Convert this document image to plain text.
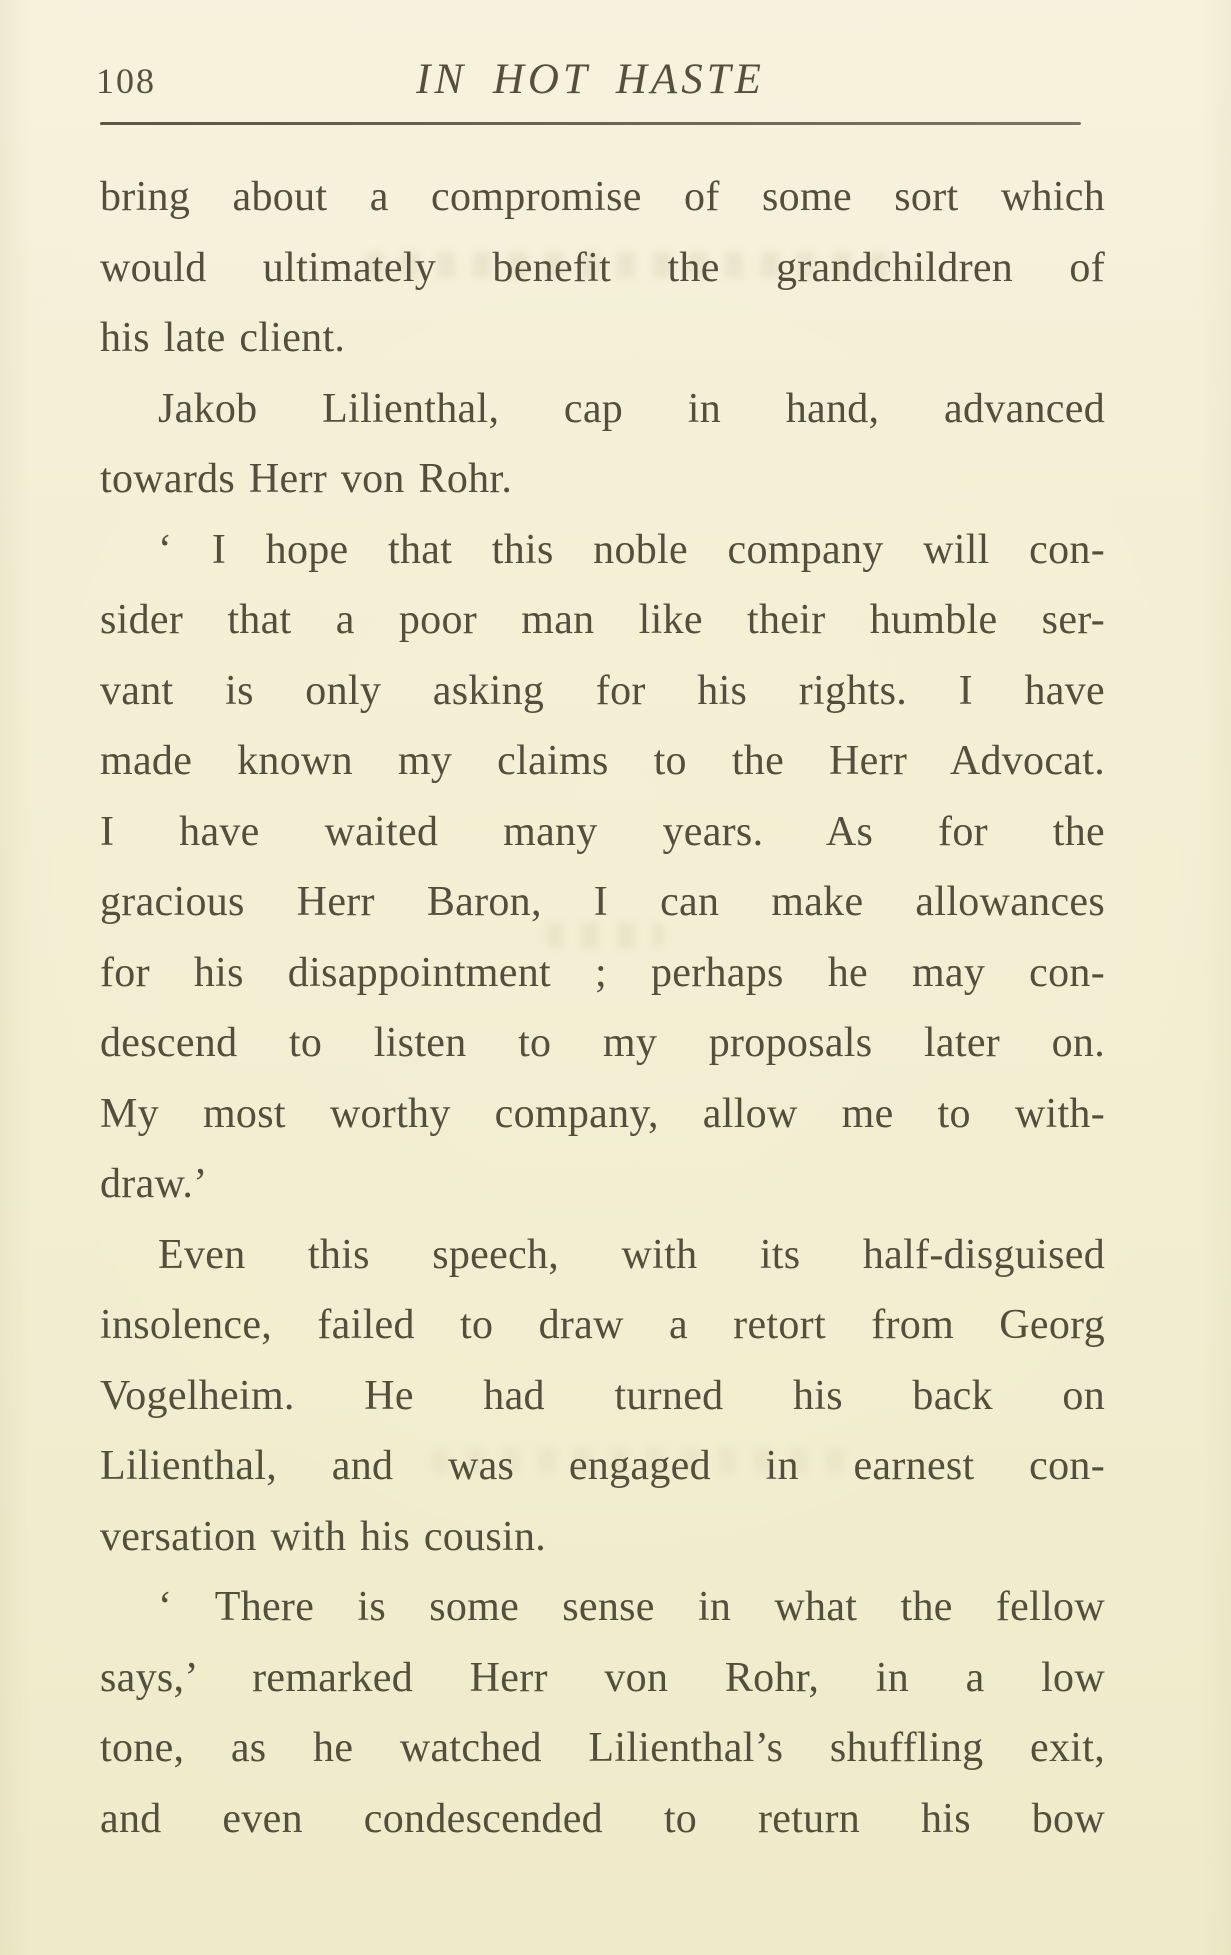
108	IN HOT HASTE
bring about a compromise of some sort which
would ultimately benefit the grandchildren of
his late client.
Jakob Lilienthal, cap in hand, advanced
towards Herr von Rohr.
‘ I hope that this noble company will con-
sider that a poor man like their humble ser-
vant is only asking for his rights. I have
made known my claims to the Herr Advocat.
I have waited many years. As for the
gracious Herr Baron, I can make allowances
for his disappointment ; perhaps he may con-
descend to listen to my proposals later on.
My most worthy company, allow me to with-
draw.’
Even this speech, with its half-disguised
insolence, failed to draw a retort from Georg
Vogelheim. He had turned his back on
Lilienthal, and was engaged in earnest con-
versation with his cousin.
‘ There is some sense in what the fellow
says,’ remarked Herr von Rohr, in a low
tone, as he watched Lilienthal’s shuffling exit,
and even condescended to return his bow
